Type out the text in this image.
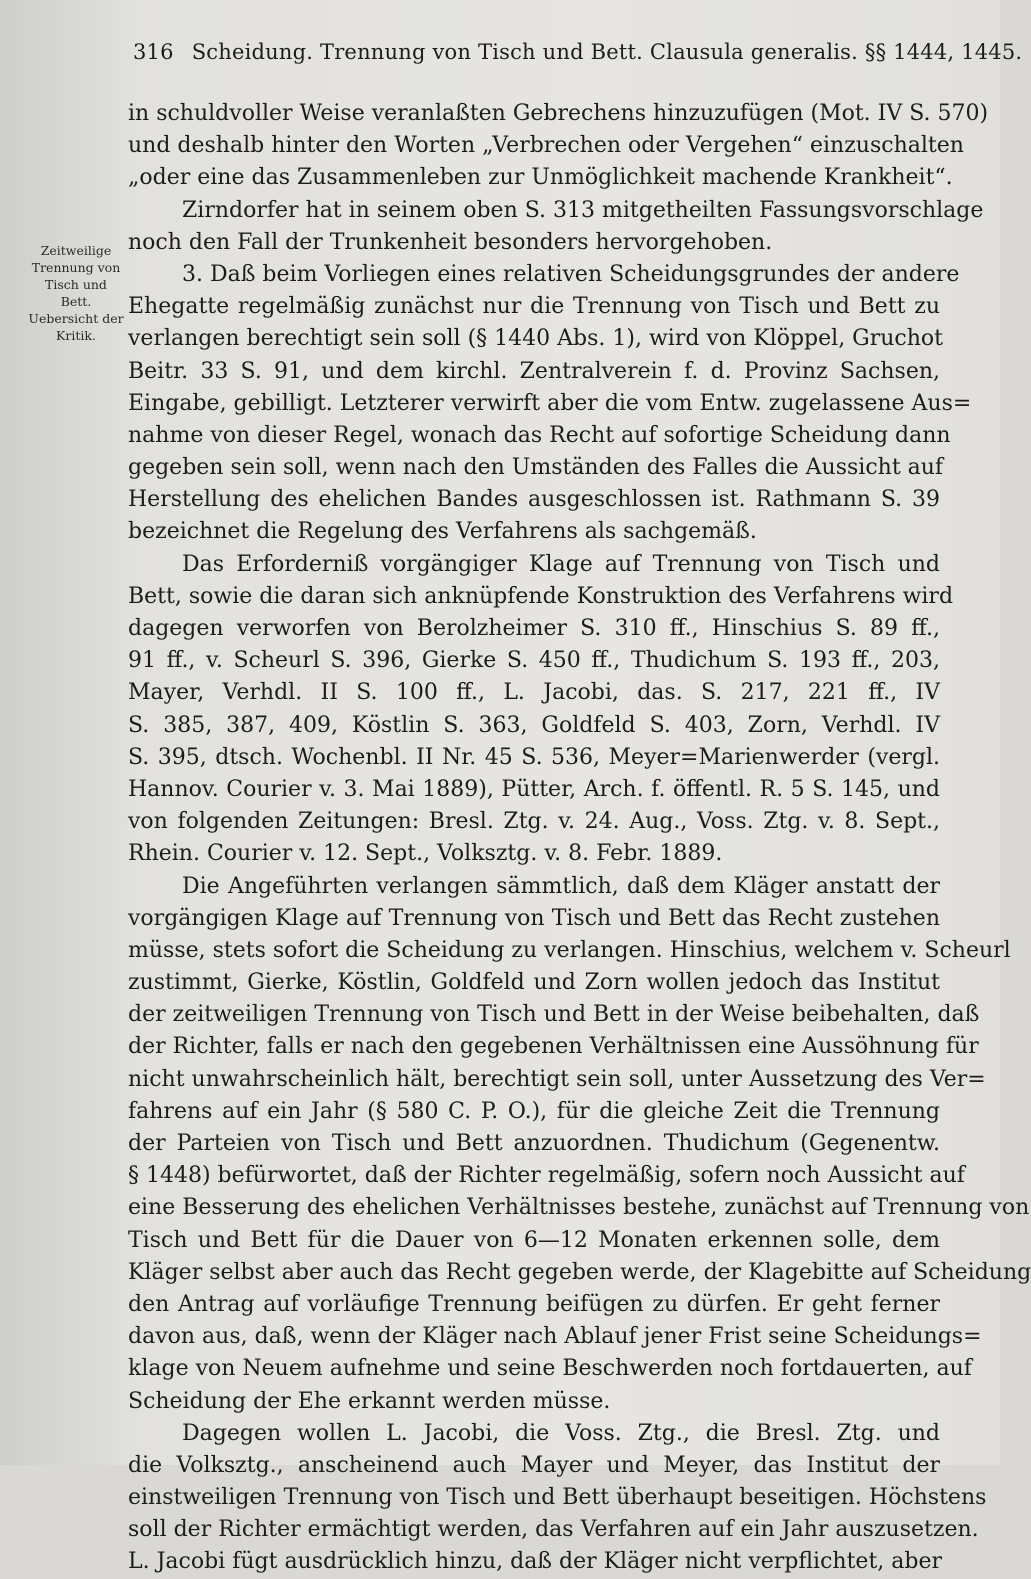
316 Scheidung. Trennung von Tisch und Bett. Clausula generalis. §§ 1444, 1445.
Zeitweilige
Trennung von
Tisch und
Bett.
Uebersicht der
Kritik.
in schuldvoller Weise veranlaßten Gebrechens hinzuzufügen (Mot. IV S. 570)
und deshalb hinter den Worten „Verbrechen oder Vergehen“ einzuschalten
„oder eine das Zusammenleben zur Unmöglichkeit machende Krankheit“.
Zirndorfer hat in seinem oben S. 313 mitgetheilten Fassungsvorschlage
noch den Fall der Trunkenheit besonders hervorgehoben.
3. Daß beim Vorliegen eines relativen Scheidungsgrundes der andere
Ehegatte regelmäßig zunächst nur die Trennung von Tisch und Bett zu
verlangen berechtigt sein soll (§ 1440 Abs. 1), wird von Klöppel, Gruchot
Beitr. 33 S. 91, und dem kirchl. Zentralverein f. d. Provinz Sachsen,
Eingabe, gebilligt. Letzterer verwirft aber die vom Entw. zugelassene Aus=
nahme von dieser Regel, wonach das Recht auf sofortige Scheidung dann
gegeben sein soll, wenn nach den Umständen des Falles die Aussicht auf
Herstellung des ehelichen Bandes ausgeschlossen ist. Rathmann S. 39
bezeichnet die Regelung des Verfahrens als sachgemäß.
Das Erforderniß vorgängiger Klage auf Trennung von Tisch und
Bett, sowie die daran sich anknüpfende Konstruktion des Verfahrens wird
dagegen verworfen von Berolzheimer S. 310 ff., Hinschius S. 89 ff.,
91 ff., v. Scheurl S. 396, Gierke S. 450 ff., Thudichum S. 193 ff., 203,
Mayer, Verhdl. II S. 100 ff., L. Jacobi, das. S. 217, 221 ff., IV
S. 385, 387, 409, Köstlin S. 363, Goldfeld S. 403, Zorn, Verhdl. IV
S. 395, dtsch. Wochenbl. II Nr. 45 S. 536, Meyer=Marienwerder (vergl.
Hannov. Courier v. 3. Mai 1889), Pütter, Arch. f. öffentl. R. 5 S. 145, und
von folgenden Zeitungen: Bresl. Ztg. v. 24. Aug., Voss. Ztg. v. 8. Sept.,
Rhein. Courier v. 12. Sept., Volksztg. v. 8. Febr. 1889.
Die Angeführten verlangen sämmtlich, daß dem Kläger anstatt der
vorgängigen Klage auf Trennung von Tisch und Bett das Recht zustehen
müsse, stets sofort die Scheidung zu verlangen. Hinschius, welchem v. Scheurl
zustimmt, Gierke, Köstlin, Goldfeld und Zorn wollen jedoch das Institut
der zeitweiligen Trennung von Tisch und Bett in der Weise beibehalten, daß
der Richter, falls er nach den gegebenen Verhältnissen eine Aussöhnung für
nicht unwahrscheinlich hält, berechtigt sein soll, unter Aussetzung des Ver=
fahrens auf ein Jahr (§ 580 C. P. O.), für die gleiche Zeit die Trennung
der Parteien von Tisch und Bett anzuordnen. Thudichum (Gegenentw.
§ 1448) befürwortet, daß der Richter regelmäßig, sofern noch Aussicht auf
eine Besserung des ehelichen Verhältnisses bestehe, zunächst auf Trennung von
Tisch und Bett für die Dauer von 6—12 Monaten erkennen solle, dem
Kläger selbst aber auch das Recht gegeben werde, der Klagebitte auf Scheidung
den Antrag auf vorläufige Trennung beifügen zu dürfen. Er geht ferner
davon aus, daß, wenn der Kläger nach Ablauf jener Frist seine Scheidungs=
klage von Neuem aufnehme und seine Beschwerden noch fortdauerten, auf
Scheidung der Ehe erkannt werden müsse.
Dagegen wollen L. Jacobi, die Voss. Ztg., die Bresl. Ztg. und
die Volksztg., anscheinend auch Mayer und Meyer, das Institut der
einstweiligen Trennung von Tisch und Bett überhaupt beseitigen. Höchstens
soll der Richter ermächtigt werden, das Verfahren auf ein Jahr auszusetzen.
L. Jacobi fügt ausdrücklich hinzu, daß der Kläger nicht verpflichtet, aber
